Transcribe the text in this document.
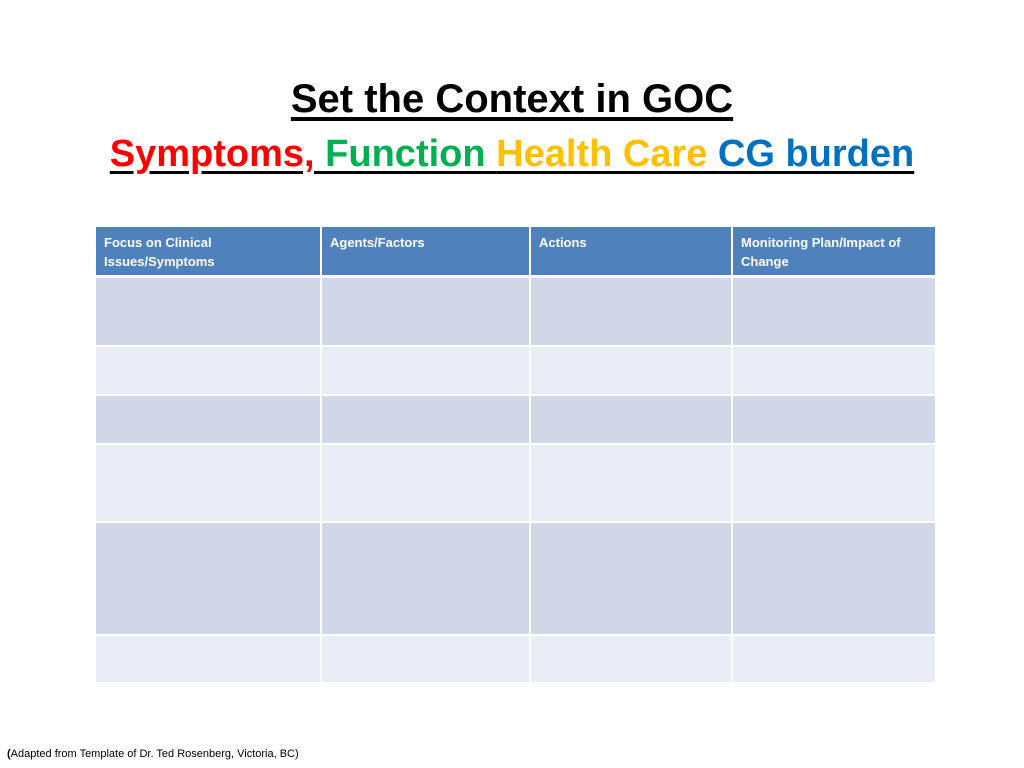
Set the Context in GOC
Symptoms, Function Health Care CG burden
Focus on Clinical Issues/Symptoms	Agents/Factors	Actions	Monitoring Plan/Impact of Change

(Adapted from Template of Dr. Ted Rosenberg, Victoria, BC)
